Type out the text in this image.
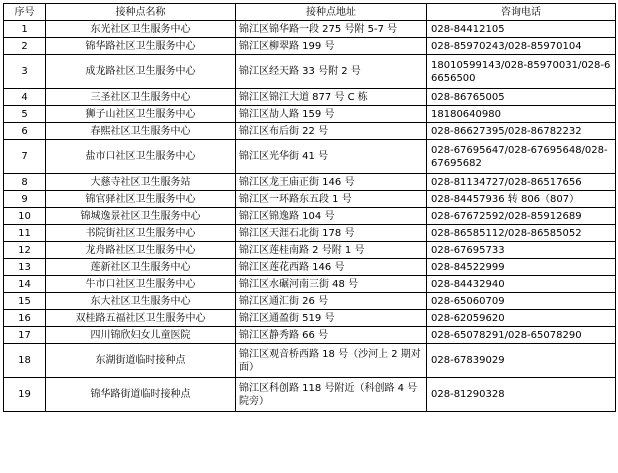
序号	接种点名称	接种点地址	咨询电话
1	东光社区卫生服务中心	锦江区锦华路一段 275 号附 5-7 号	028-84412105
2	锦华路社区卫生服务中心	锦江区柳翠路 199 号	028-85970243/028-85970104
3	成龙路社区卫生服务中心	锦江区经天路 33 号附 2 号	18010599143/028-85970031/028-66656500
4	三圣社区卫生服务中心	锦江区锦江大道 877 号 C 栋	028-86765005
5	狮子山社区卫生服务中心	锦江区劼人路 159 号	18180640980
6	春熙社区卫生服务中心	锦江区布后街 22 号	028-86627395/028-86782232
7	盐市口社区卫生服务中心	锦江区光华街 41 号	028-67695647/028-67695648/028-67695682
8	大慈寺社区卫生服务站	锦江区龙王庙正街 146 号	028-81134727/028-86517656
9	锦官驿社区卫生服务中心	锦江区一环路东五段 1 号	028-84457936 转 806（807）
10	锦城逸景社区卫生服务中心	锦江区锦逸路 104 号	028-67672592/028-85912689
11	书院街社区卫生服务中心	锦江区天涯石北街 178 号	028-86585112/028-86585052
12	龙舟路社区卫生服务中心	锦江区莲桂南路 2 号附 1 号	028-67695733
13	莲新社区卫生服务中心	锦江区莲花西路 146 号	028-84522999
14	牛市口社区卫生服务中心	锦江区水碾河南三街 48 号	028-84432940
15	东大社区卫生服务中心	锦江区通汇街 26 号	028-65060709
16	双桂路五福社区卫生服务中心	锦江区通盈街 519 号	028-62059620
17	四川锦欣妇女儿童医院	锦江区静秀路 66 号	028-65078291/028-65078290
18	东湖街道临时接种点	锦江区观音桥西路 18 号（沙河上 2 期对面）	028-67839029
19	锦华路街道临时接种点	锦江区科创路 118 号附近（科创路 4 号院旁）	028-81290328
